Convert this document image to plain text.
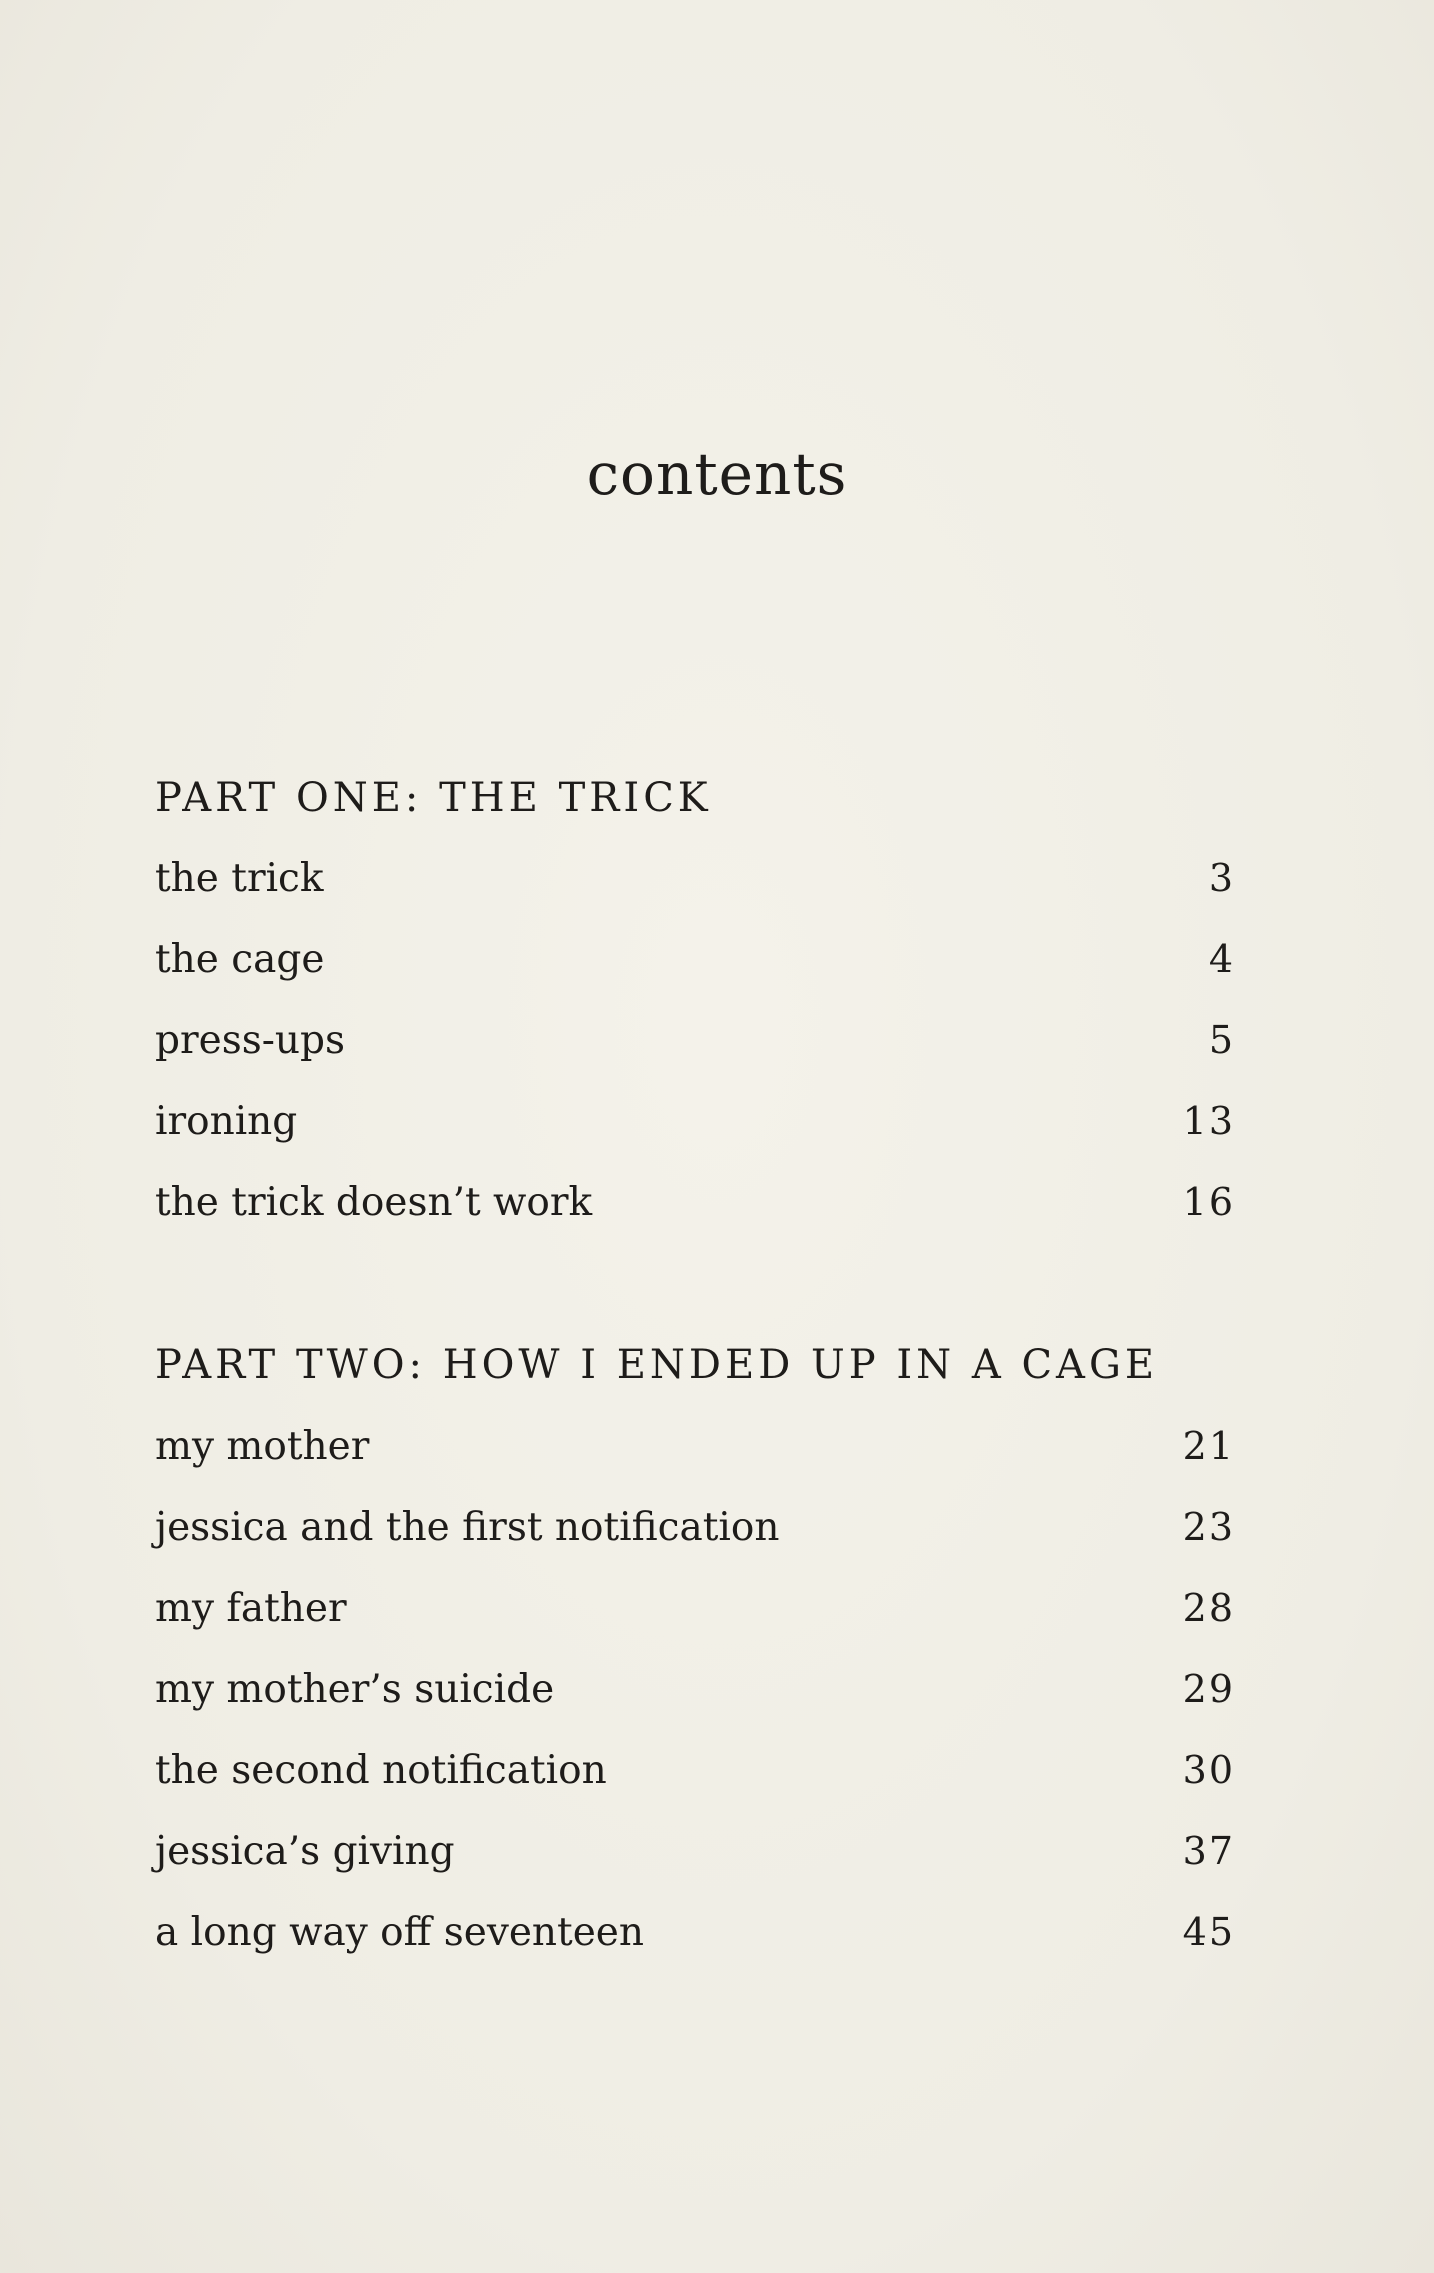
contents
PART ONE: THE TRICK
the trick	3
the cage	4
press-ups	5
ironing	13
the trick doesn’t work	16
PART TWO: HOW I ENDED UP IN A CAGE
my mother	21
jessica and the first notification	23
my father	28
my mother’s suicide	29
the second notification	30
jessica’s giving	37
a long way off seventeen	45
